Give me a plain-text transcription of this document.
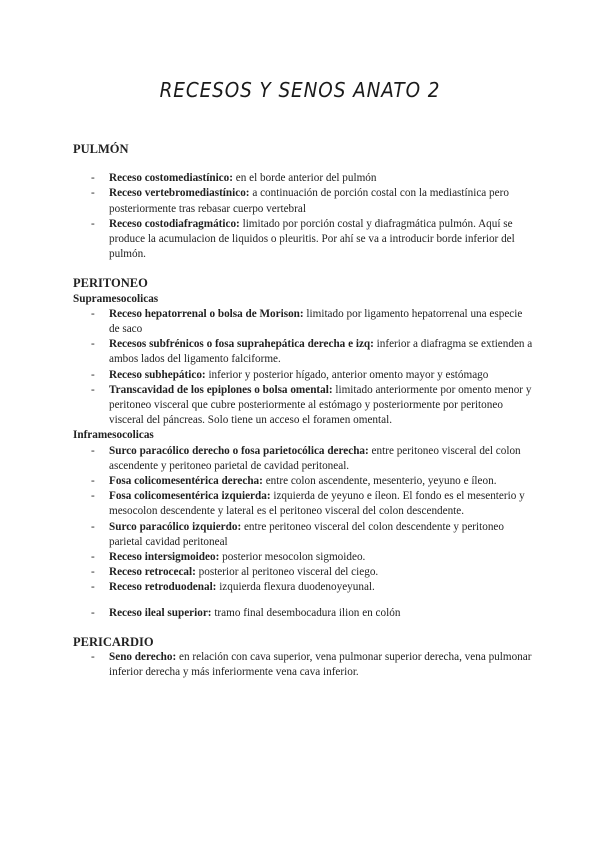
RECESOS Y SENOS ANATO 2

PULMÓN

- Receso costomediastínico: en el borde anterior del pulmón
- Receso vertebromediastínico: a continuación de porción costal con la mediastínica pero posteriormente tras rebasar cuerpo vertebral
- Receso costodiafragmático: limitado por porción costal y diafragmática pulmón. Aquí se produce la acumulacion de liquidos o pleuritis. Por ahí se va a introducir borde inferior del pulmón.

PERITONEO

Supramesocolicas

- Receso hepatorrenal o bolsa de Morison: limitado por ligamento hepatorrenal una especie de saco
- Recesos subfrénicos o fosa suprahepática derecha e izq: inferior a diafragma se extienden a ambos lados del ligamento falciforme.
- Receso subhepático: inferior y posterior hígado, anterior omento mayor y estómago
- Transcavidad de los epiplones o bolsa omental: limitado anteriormente por omento menor y peritoneo visceral que cubre posteriormente al estómago y posteriormente por peritoneo visceral del páncreas. Solo tiene un acceso el foramen omental.

Inframesocolicas

- Surco paracólico derecho o fosa parietocólica derecha: entre peritoneo visceral del colon ascendente y peritoneo parietal de cavidad peritoneal.
- Fosa colicomesentérica derecha: entre colon ascendente, mesenterio, yeyuno e íleon.
- Fosa colicomesentérica izquierda: izquierda de yeyuno e íleon. El fondo es el mesenterio y mesocolon descendente y lateral es el peritoneo visceral del colon descendente.
- Surco paracólico izquierdo: entre peritoneo visceral del colon descendente y peritoneo parietal cavidad peritoneal
- Receso intersigmoideo: posterior mesocolon sigmoideo.
- Receso retrocecal: posterior al peritoneo visceral del ciego.
- Receso retroduodenal: izquierda flexura duodenoyeyunal.
- Receso ileal superior: tramo final desembocadura ilion en colón

PERICARDIO

- Seno derecho: en relación con cava superior, vena pulmonar superior derecha, vena pulmonar inferior derecha y más inferiormente vena cava inferior.
